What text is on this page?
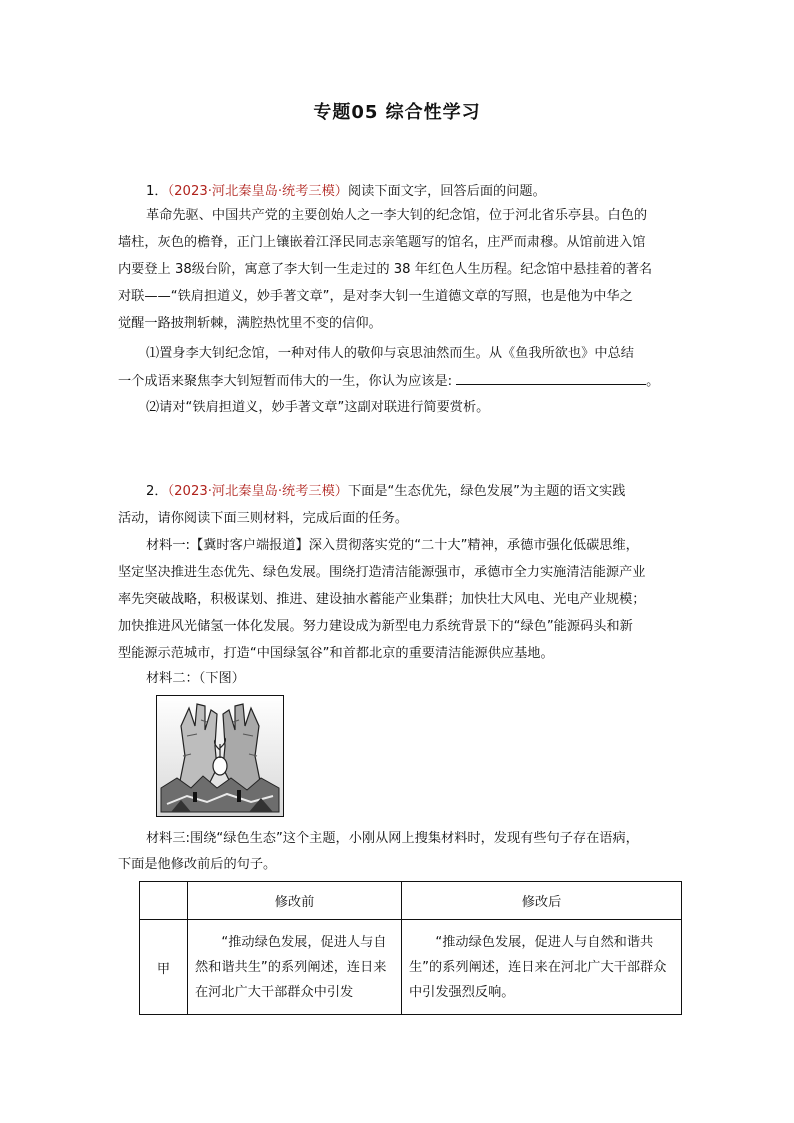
专题05 综合性学习
1．（2023·河北秦皇岛·统考三模）阅读下面文字，回答后面的问题。
革命先驱、中国共产党的主要创始人之一李大钊的纪念馆，位于河北省乐亭县。白色的
墙柱，灰色的檐脊，正门上镶嵌着江泽民同志亲笔题写的馆名，庄严而肃穆。从馆前进入馆
内要登上 38级台阶，寓意了李大钊一生走过的 38 年红色人生历程。纪念馆中悬挂着的著名
对联——“铁肩担道义，妙手著文章”，是对李大钊一生道德文章的写照，也是他为中华之
觉醒一路披荆斩棘，满腔热忱里不变的信仰。
⑴置身李大钊纪念馆，一种对伟人的敬仰与哀思油然而生。从《鱼我所欲也》中总结
一个成语来聚焦李大钊短暂而伟大的一生，你认为应该是:	。
⑵请对“铁肩担道义，妙手著文章”这副对联进行简要赏析。
2．（2023·河北秦皇岛·统考三模）下面是“生态优先，绿色发展”为主题的语文实践
活动，请你阅读下面三则材料，完成后面的任务。
材料一:【冀时客户端报道】深入贯彻落实党的“二十大”精神，承德市强化低碳思维，
坚定坚决推进生态优先、绿色发展。围绕打造清洁能源强市，承德市全力实施清洁能源产业
率先突破战略，积极谋划、推进、建设抽水蓄能产业集群；加快壮大风电、光电产业规模；
加快推进风光储氢一体化发展。努力建设成为新型电力系统背景下的“绿色”能源码头和新
型能源示范城市，打造“中国绿氢谷”和首都北京的重要清洁能源供应基地。
材料二：（下图）
材料三:围绕“绿色生态”这个主题，小刚从网上搜集材料时，发现有些句子存在语病，
下面是他修改前后的句子。
	修改前	修改后
甲	“推动绿色发展，促进人与自然和谐共生”的系列阐述，连日来在河北广大干部群众中引发	“推动绿色发展，促进人与自然和谐共生”的系列阐述，连日来在河北广大干部群众中引发强烈反响。
